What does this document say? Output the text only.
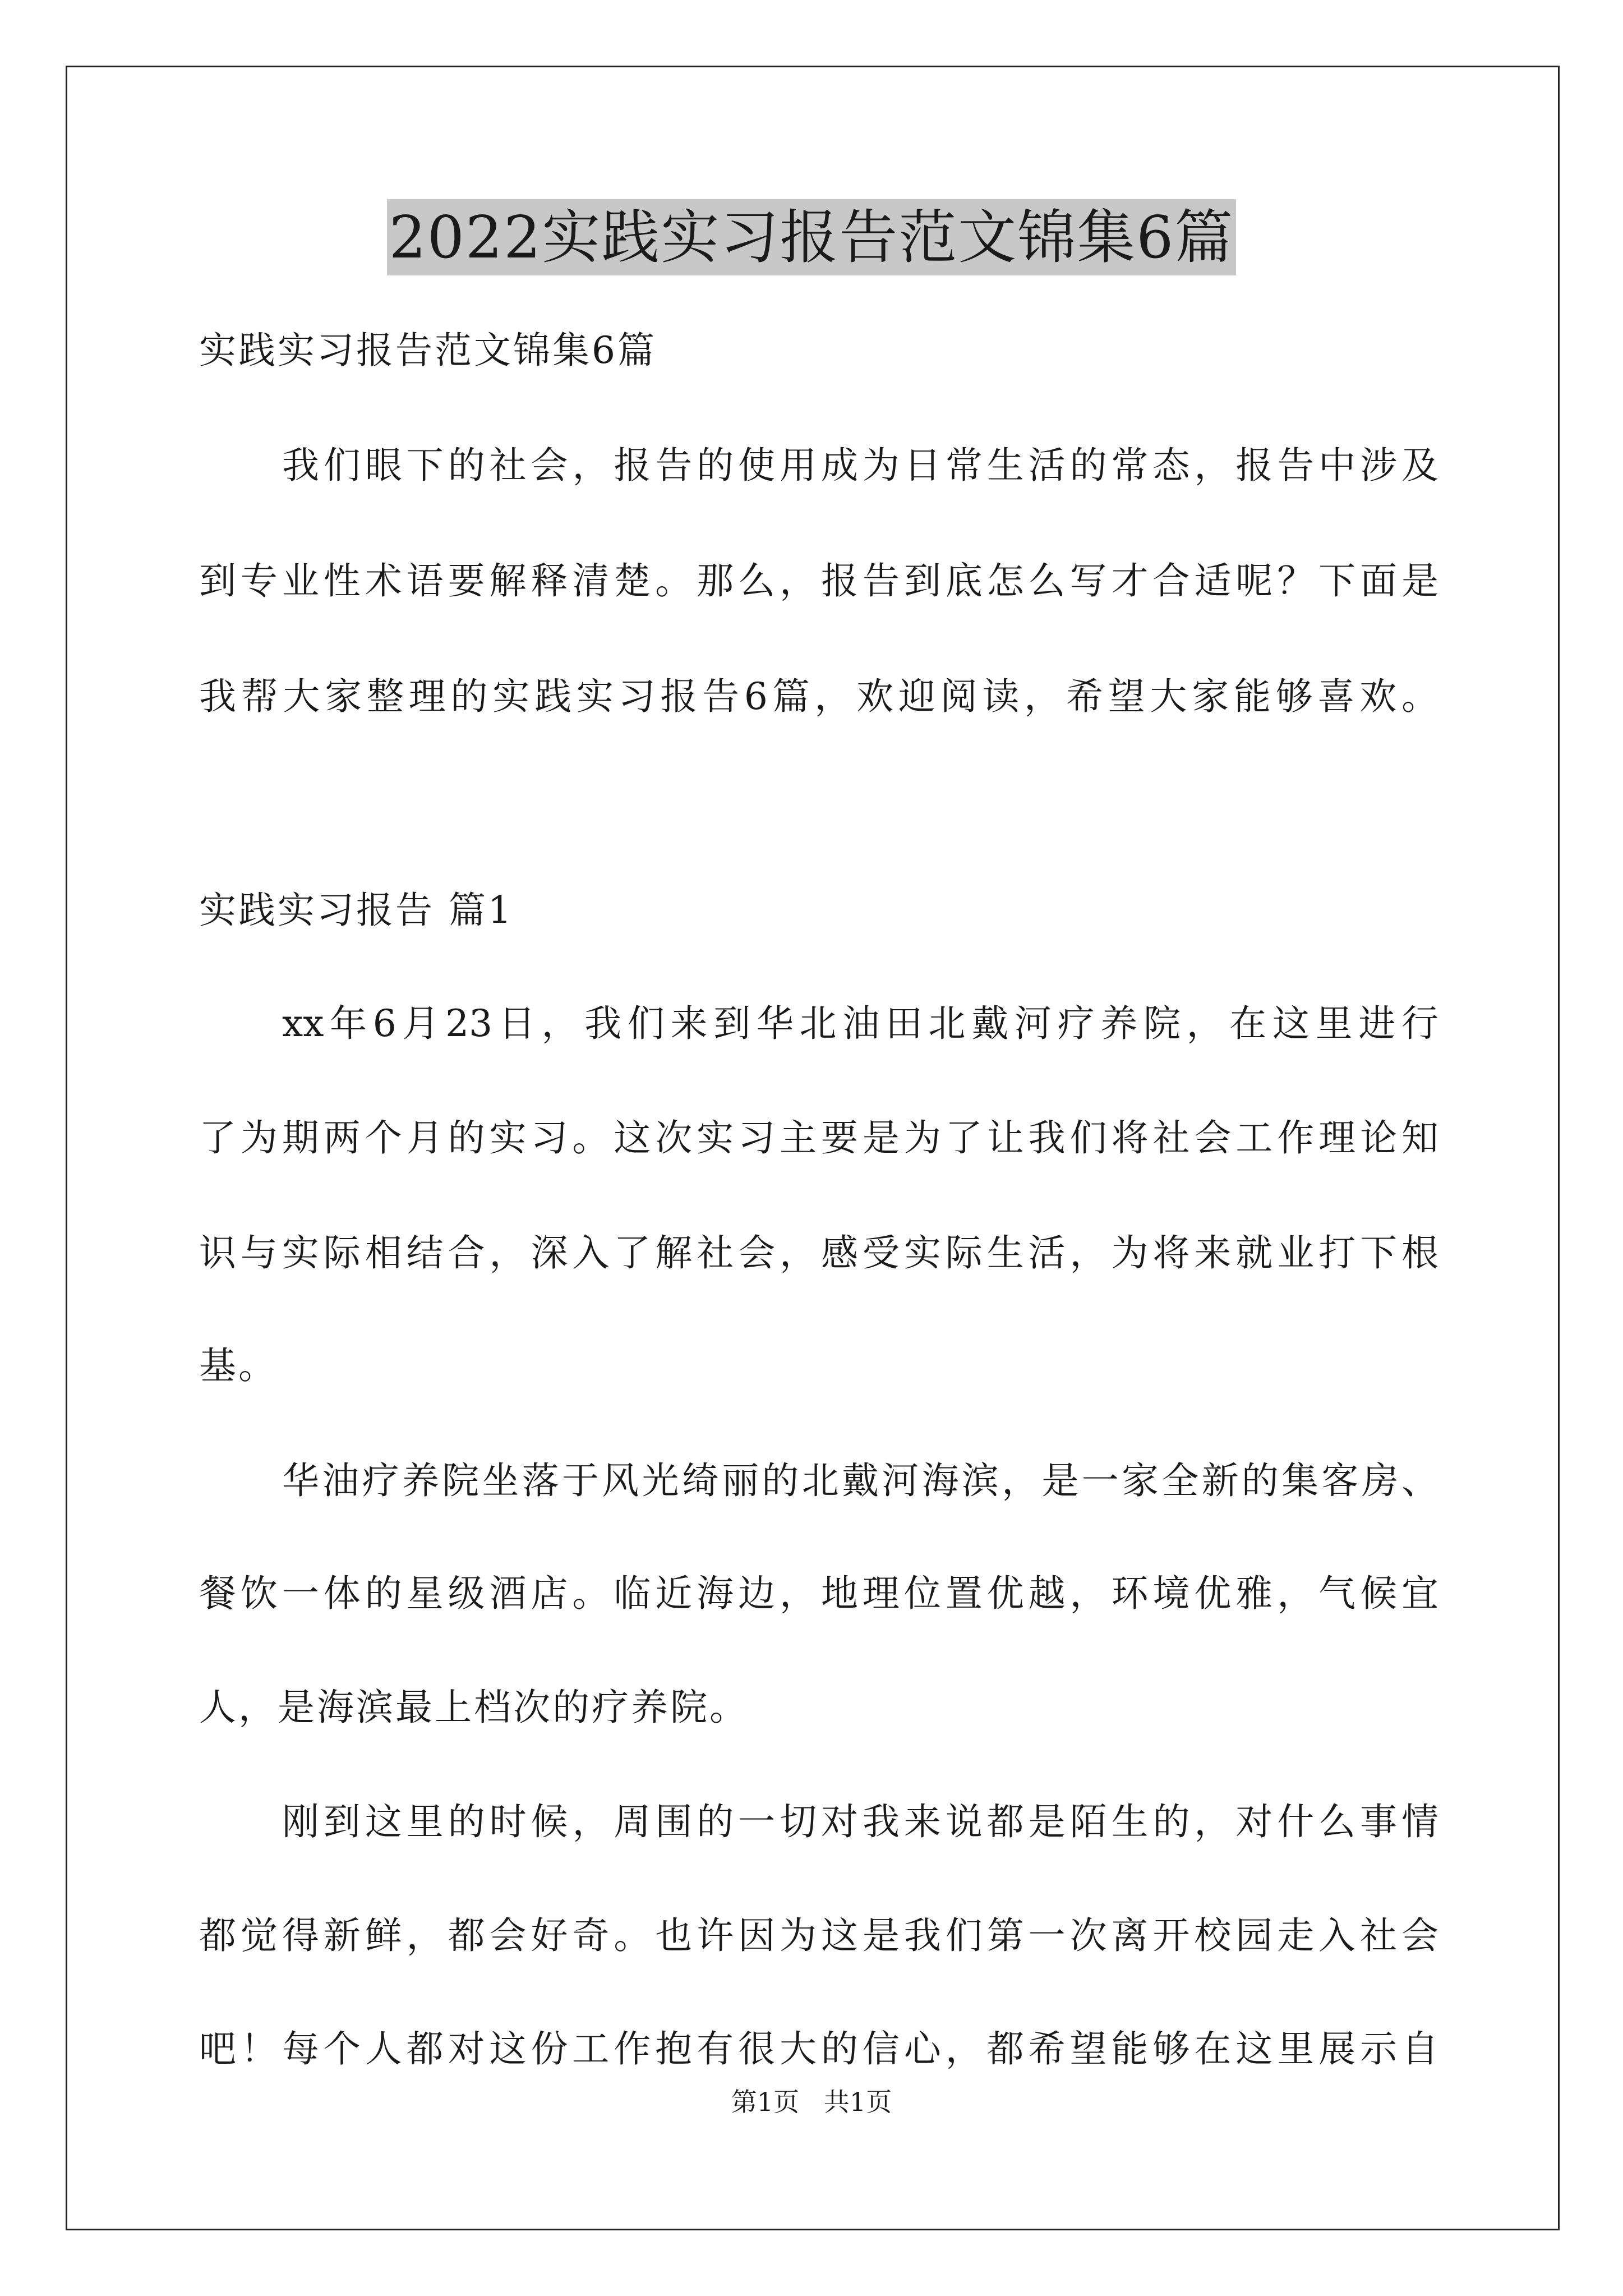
2022实践实习报告范文锦集6篇
实践实习报告范文锦集6篇
我们眼下的社会，报告的使用成为日常生活的常态，报告中涉及
到专业性术语要解释清楚。那么，报告到底怎么写才合适呢？下面是
我帮大家整理的实践实习报告6篇，欢迎阅读，希望大家能够喜欢。
实践实习报告 篇1
xx年6月23日，我们来到华北油田北戴河疗养院，在这里进行
了为期两个月的实习。这次实习主要是为了让我们将社会工作理论知
识与实际相结合，深入了解社会，感受实际生活，为将来就业打下根
基。
华油疗养院坐落于风光绮丽的北戴河海滨，是一家全新的集客房、
餐饮一体的星级酒店。临近海边，地理位置优越，环境优雅，气候宜
人，是海滨最上档次的疗养院。
刚到这里的时候，周围的一切对我来说都是陌生的，对什么事情
都觉得新鲜，都会好奇。也许因为这是我们第一次离开校园走入社会
吧！每个人都对这份工作抱有很大的信心，都希望能够在这里展示自
第1页   共1页
